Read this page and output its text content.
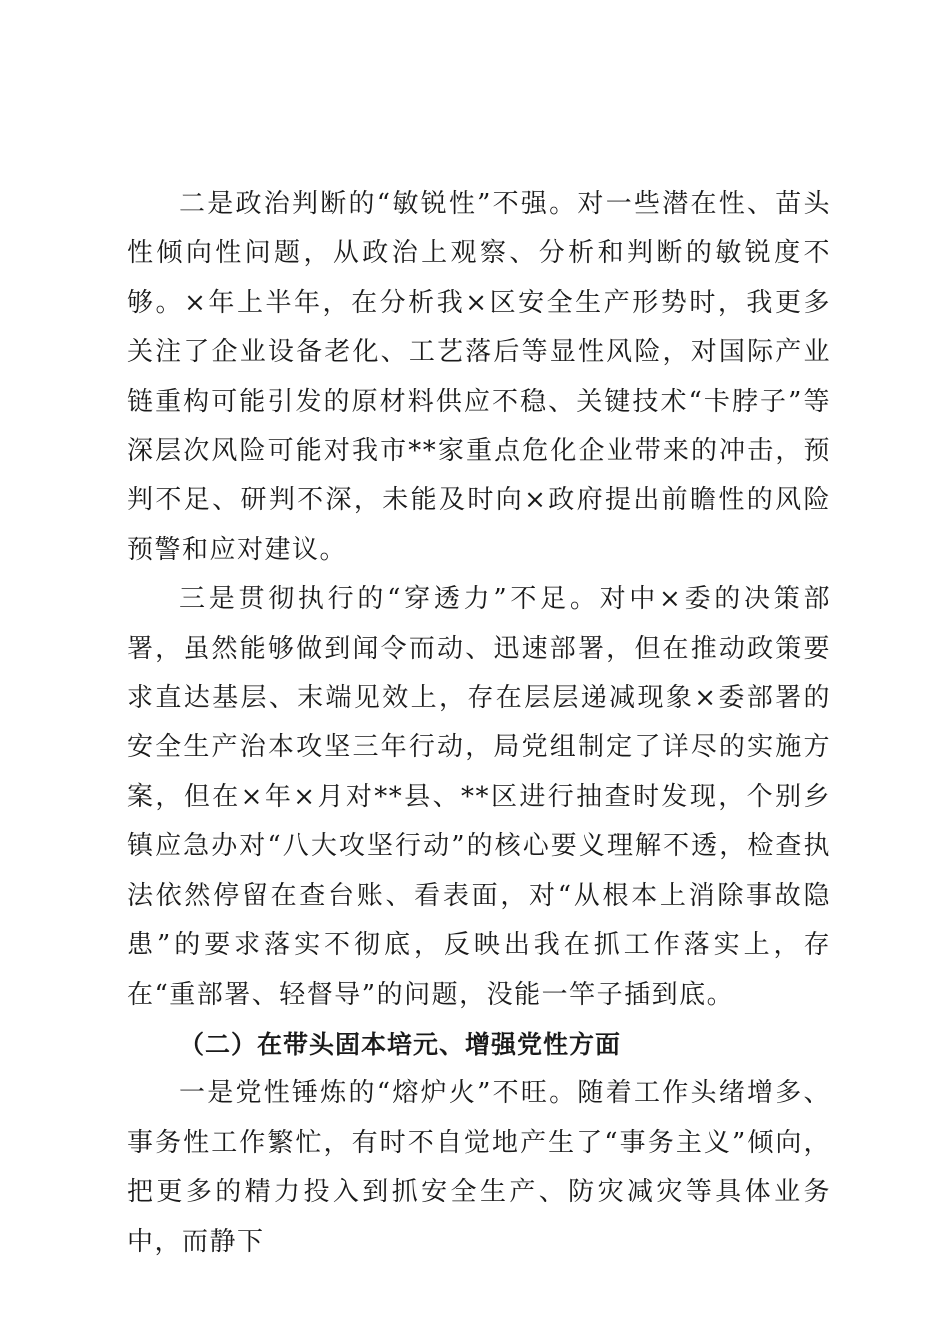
二是政治判断的“敏锐性”不强。对一些潜在性、苗头性倾向性问题，从政治上观察、分析和判断的敏锐度不够。×年上半年，在分析我×区安全生产形势时，我更多关注了企业设备老化、工艺落后等显性风险，对国际产业链重构可能引发的原材料供应不稳、关键技术“卡脖子”等深层次风险可能对我市**家重点危化企业带来的冲击，预判不足、研判不深，未能及时向×政府提出前瞻性的风险预警和应对建议。

三是贯彻执行的“穿透力”不足。对中×委的决策部署，虽然能够做到闻令而动、迅速部署，但在推动政策要求直达基层、末端见效上，存在层层递减现象×委部署的安全生产治本攻坚三年行动，局党组制定了详尽的实施方案，但在×年×月对**县、**区进行抽查时发现，个别乡镇应急办对“八大攻坚行动”的核心要义理解不透，检查执法依然停留在查台账、看表面，对“从根本上消除事故隐患”的要求落实不彻底，反映出我在抓工作落实上，存在“重部署、轻督导”的问题，没能一竿子插到底。

（二）在带头固本培元、增强党性方面

一是党性锤炼的“熔炉火”不旺。随着工作头绪增多、事务性工作繁忙，有时不自觉地产生了“事务主义”倾向，把更多的精力投入到抓安全生产、防灾减灾等具体业务中，而静下
